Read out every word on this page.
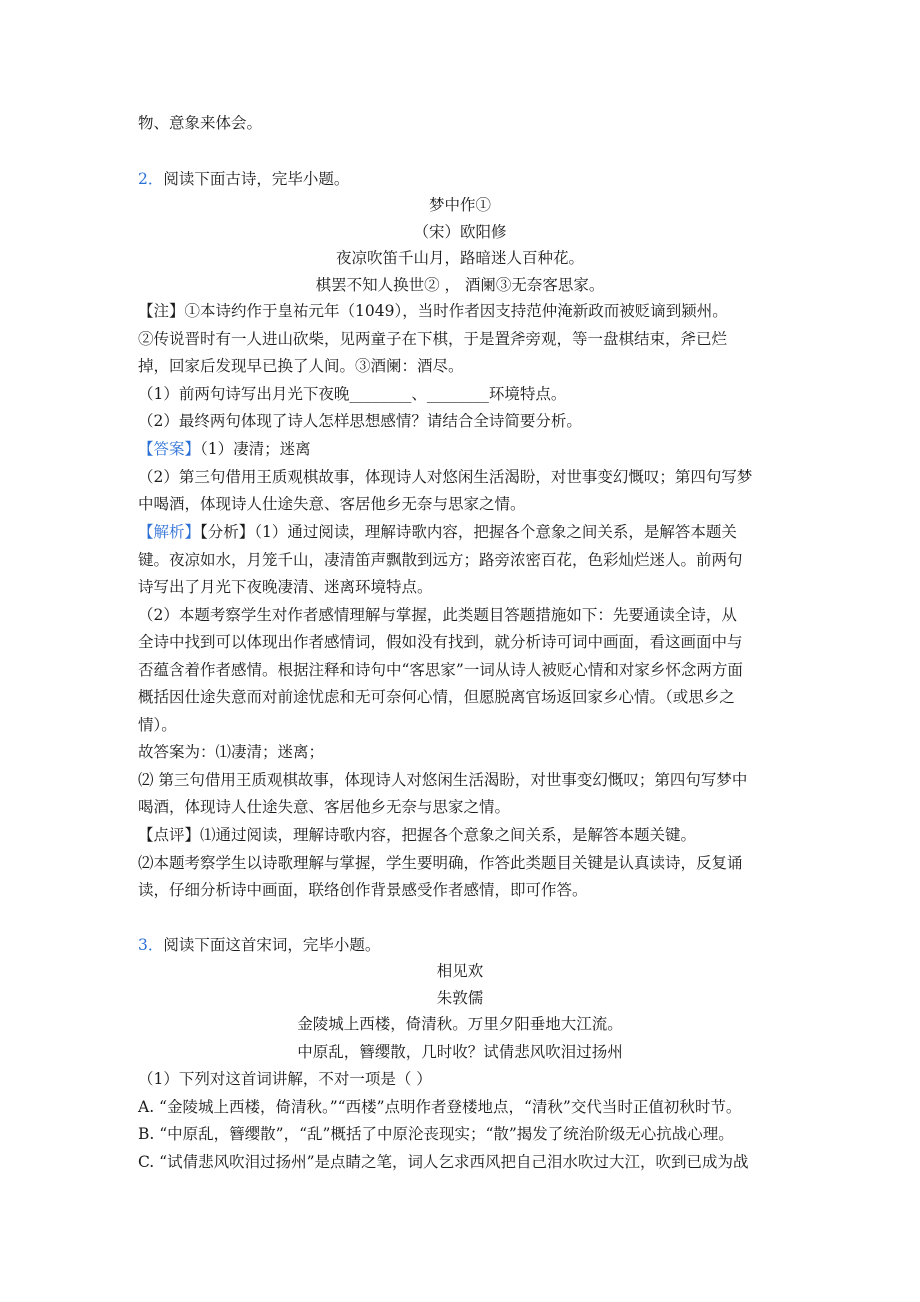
物、意象来体会。
2．阅读下面古诗，完毕小题。
梦中作①
（宋）欧阳修
夜凉吹笛千山月，路暗迷人百种花。
棋罢不知人换世② ， 酒阑③无奈客思家。
【注】①本诗约作于皇祐元年（1049），当时作者因支持范仲淹新政而被贬谪到颍州。
②传说晋时有一人进山砍柴，见两童子在下棋，于是置斧旁观，等一盘棋结束，斧已烂
掉，回家后发现早已换了人间。③酒阑：酒尽。
（1）前两句诗写出月光下夜晚________、________环境特点。
（2）最终两句体现了诗人怎样思想感情？请结合全诗简要分析。
【答案】（1）凄清；迷离
（2）第三句借用王质观棋故事，体现诗人对悠闲生活渴盼，对世事变幻慨叹；第四句写梦
中喝酒，体现诗人仕途失意、客居他乡无奈与思家之情。
【解析】【分析】（1）通过阅读，理解诗歌内容，把握各个意象之间关系，是解答本题关
键。夜凉如水，月笼千山，凄清笛声飘散到远方；路旁浓密百花，色彩灿烂迷人。前两句
诗写出了月光下夜晚凄清、迷离环境特点。
（2）本题考察学生对作者感情理解与掌握，此类题目答题措施如下：先要通读全诗，从
全诗中找到可以体现出作者感情词，假如没有找到，就分析诗可词中画面，看这画面中与
否蕴含着作者感情。根据注释和诗句中“客思家”一词从诗人被贬心情和对家乡怀念两方面
概括因仕途失意而对前途忧虑和无可奈何心情，但愿脱离官场返回家乡心情。（或思乡之
情）。
故答案为：⑴凄清；迷离；
⑵ 第三句借用王质观棋故事，体现诗人对悠闲生活渴盼，对世事变幻慨叹；第四句写梦中
喝酒，体现诗人仕途失意、客居他乡无奈与思家之情。
【点评】⑴通过阅读，理解诗歌内容，把握各个意象之间关系，是解答本题关键。
⑵本题考察学生以诗歌理解与掌握，学生要明确，作答此类题目关键是认真读诗，反复诵
读，仔细分析诗中画面，联络创作背景感受作者感情，即可作答。
3．阅读下面这首宋词，完毕小题。
相见欢
朱敦儒
金陵城上西楼，倚清秋。万里夕阳垂地大江流。
中原乱，簪缨散，几时收？试倩悲风吹泪过扬州
（1）下列对这首词讲解，不对一项是（ ）
A. “金陵城上西楼，倚清秋。”“西楼”点明作者登楼地点，“清秋”交代当时正值初秋时节。
B. “中原乱，簪缨散”，“乱”概括了中原沦丧现实；“散”揭发了统治阶级无心抗战心理。
C. “试倩悲风吹泪过扬州”是点睛之笔，词人乞求西风把自己泪水吹过大江，吹到已成为战
